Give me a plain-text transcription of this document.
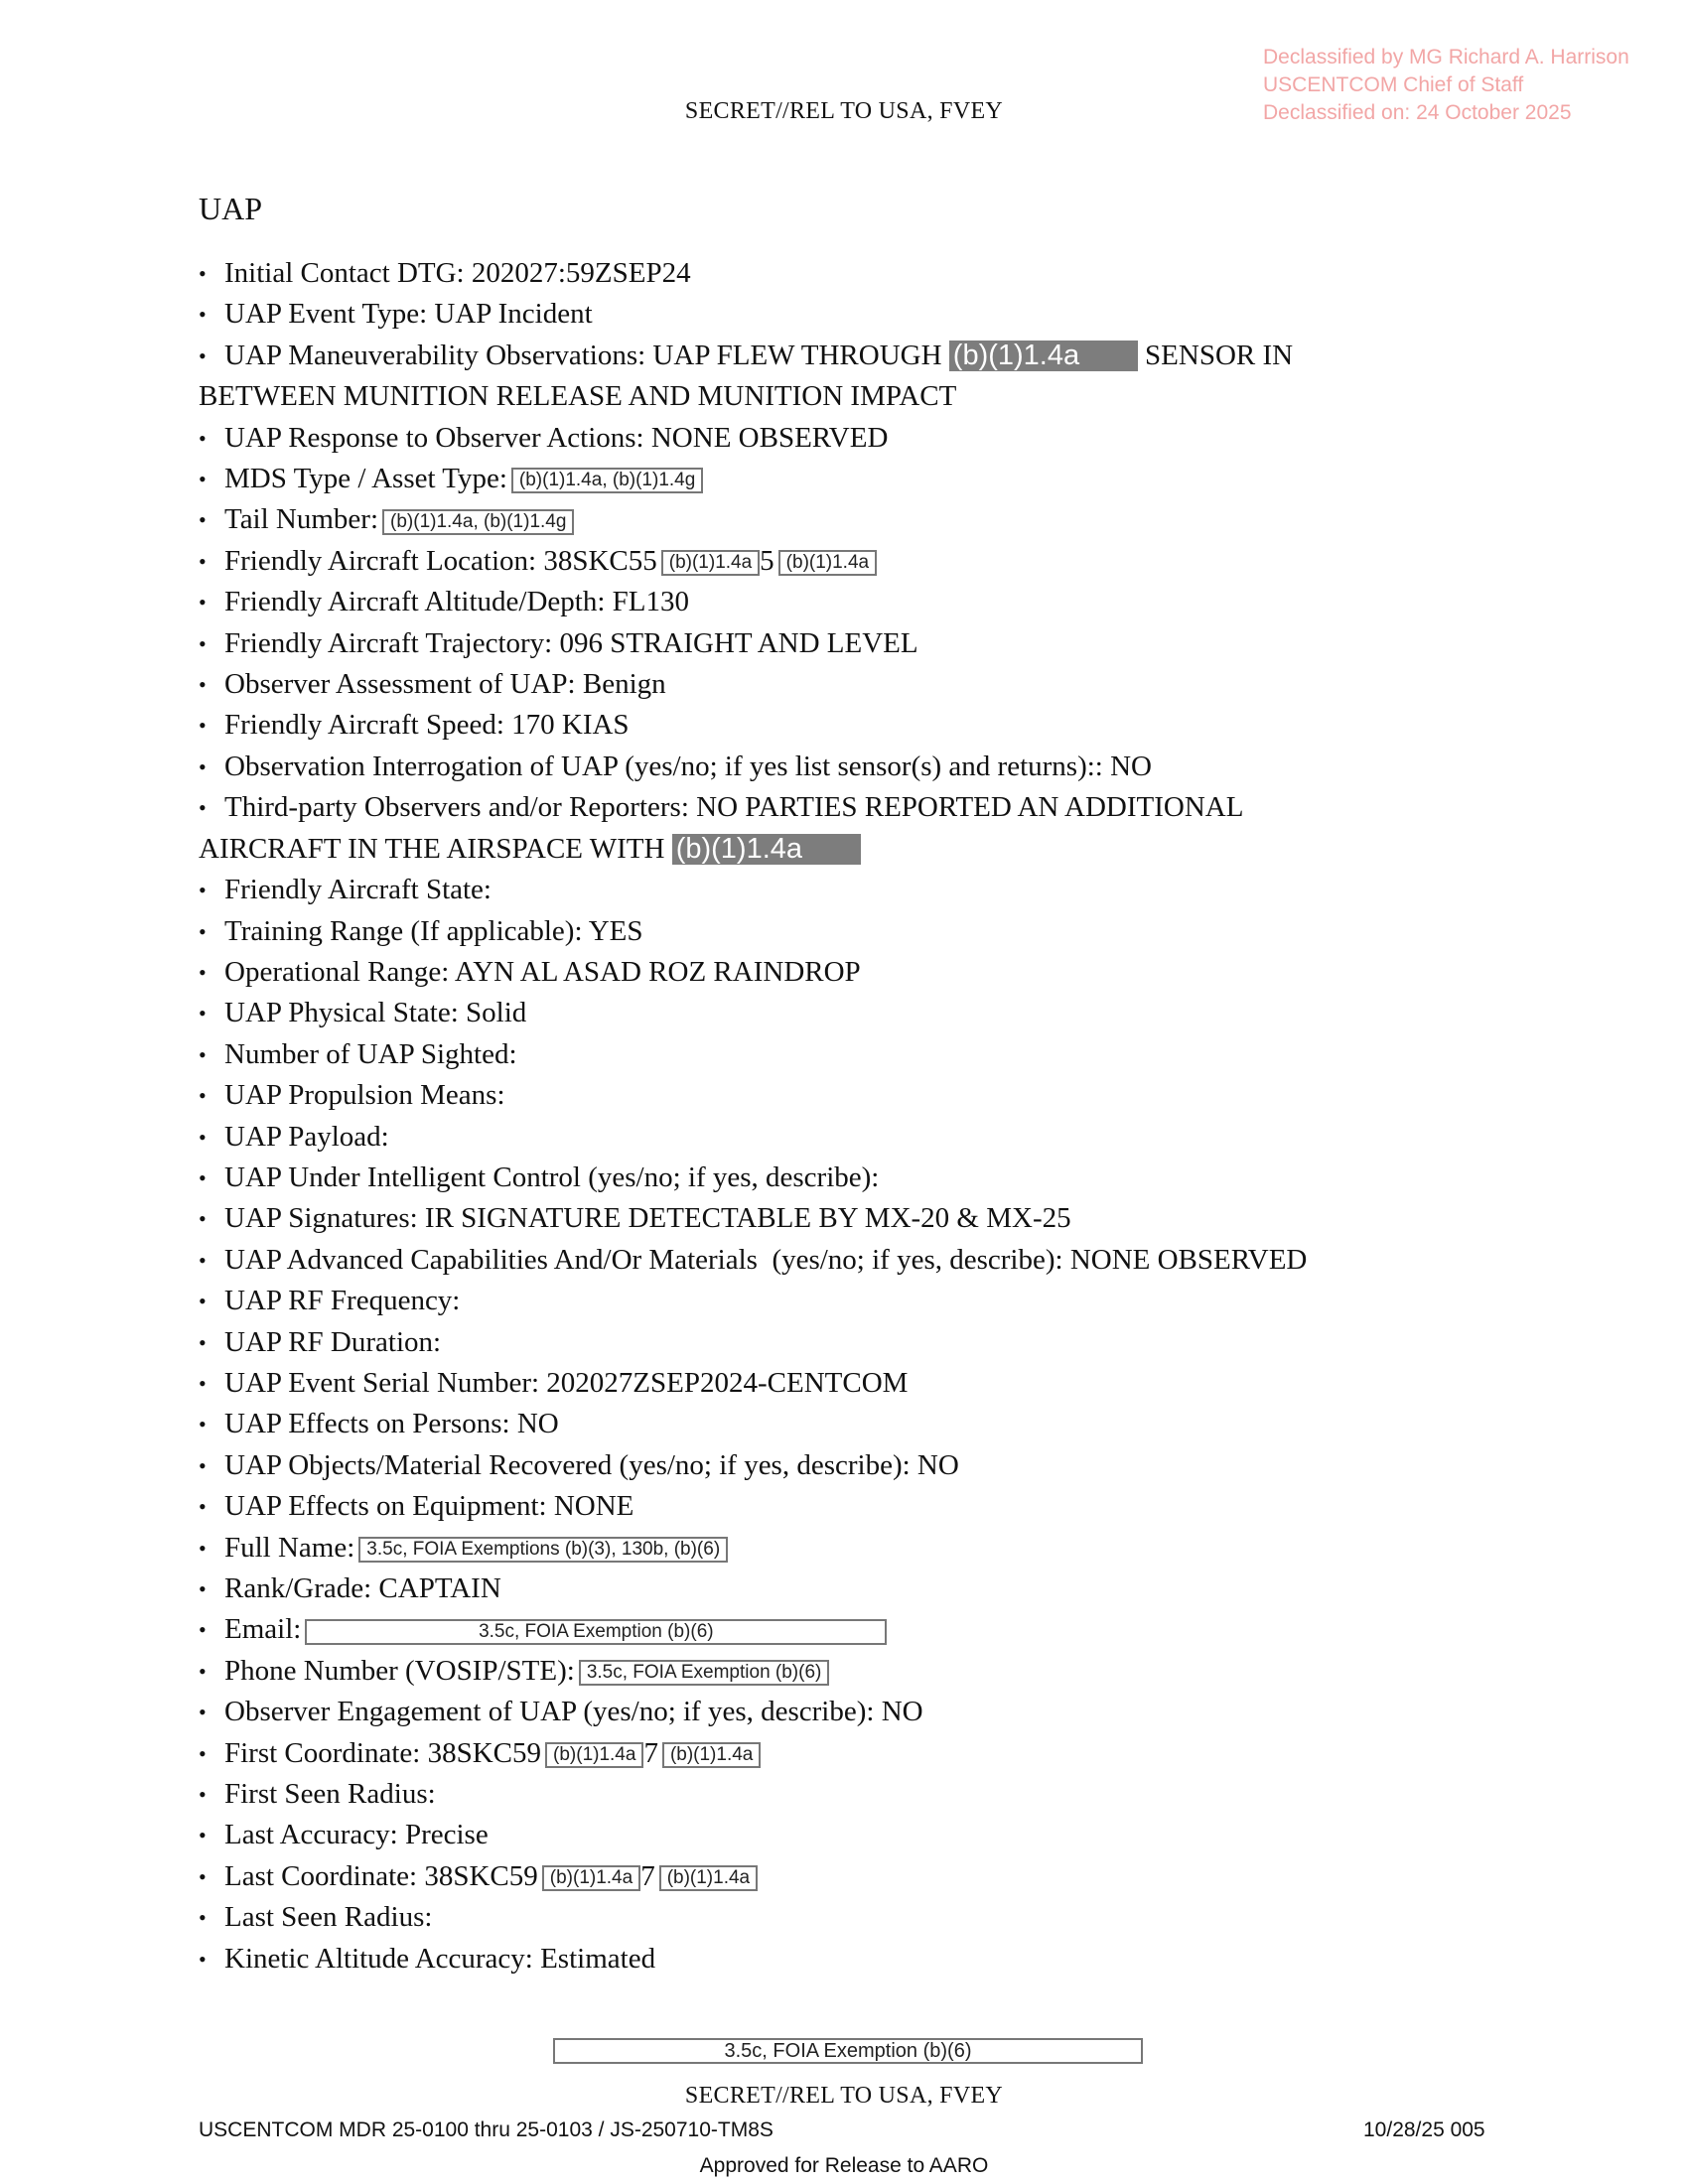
Declassified by MG Richard A. Harrison
USCENTCOM Chief of Staff
Declassified on: 24 October 2025
SECRET//REL TO USA, FVEY
UAP
• Initial Contact DTG: 202027:59ZSEP24
• UAP Event Type: UAP Incident
• UAP Maneuverability Observations: UAP FLEW THROUGH (b)(1)1.4a SENSOR IN
BETWEEN MUNITION RELEASE AND MUNITION IMPACT
• UAP Response to Observer Actions: NONE OBSERVED
• MDS Type / Asset Type: (b)(1)1.4a, (b)(1)1.4g
• Tail Number: (b)(1)1.4a, (b)(1)1.4g
• Friendly Aircraft Location: 38SKC55 (b)(1)1.4a 5 (b)(1)1.4a
• Friendly Aircraft Altitude/Depth: FL130
• Friendly Aircraft Trajectory: 096 STRAIGHT AND LEVEL
• Observer Assessment of UAP: Benign
• Friendly Aircraft Speed: 170 KIAS
• Observation Interrogation of UAP (yes/no; if yes list sensor(s) and returns):: NO
• Third-party Observers and/or Reporters: NO PARTIES REPORTED AN ADDITIONAL
AIRCRAFT IN THE AIRSPACE WITH (b)(1)1.4a
• Friendly Aircraft State:
• Training Range (If applicable): YES
• Operational Range: AYN AL ASAD ROZ RAINDROP
• UAP Physical State: Solid
• Number of UAP Sighted:
• UAP Propulsion Means:
• UAP Payload:
• UAP Under Intelligent Control (yes/no; if yes, describe):
• UAP Signatures: IR SIGNATURE DETECTABLE BY MX-20 & MX-25
• UAP Advanced Capabilities And/Or Materials  (yes/no; if yes, describe): NONE OBSERVED
• UAP RF Frequency:
• UAP RF Duration:
• UAP Event Serial Number: 202027ZSEP2024-CENTCOM
• UAP Effects on Persons: NO
• UAP Objects/Material Recovered (yes/no; if yes, describe): NO
• UAP Effects on Equipment: NONE
• Full Name: 3.5c, FOIA Exemptions (b)(3), 130b, (b)(6)
• Rank/Grade: CAPTAIN
• Email:	3.5c, FOIA Exemption (b)(6)
• Phone Number (VOSIP/STE): 3.5c, FOIA Exemption (b)(6)
• Observer Engagement of UAP (yes/no; if yes, describe): NO
• First Coordinate: 38SKC59 (b)(1)1.4a 7 (b)(1)1.4a
• First Seen Radius:
• Last Accuracy: Precise
• Last Coordinate: 38SKC59 (b)(1)1.4a 7 (b)(1)1.4a
• Last Seen Radius:
• Kinetic Altitude Accuracy: Estimated
3.5c, FOIA Exemption (b)(6)
SECRET//REL TO USA, FVEY
USCENTCOM MDR 25-0100 thru 25-0103 / JS-250710-TM8S	10/28/25 005
Approved for Release to AARO
